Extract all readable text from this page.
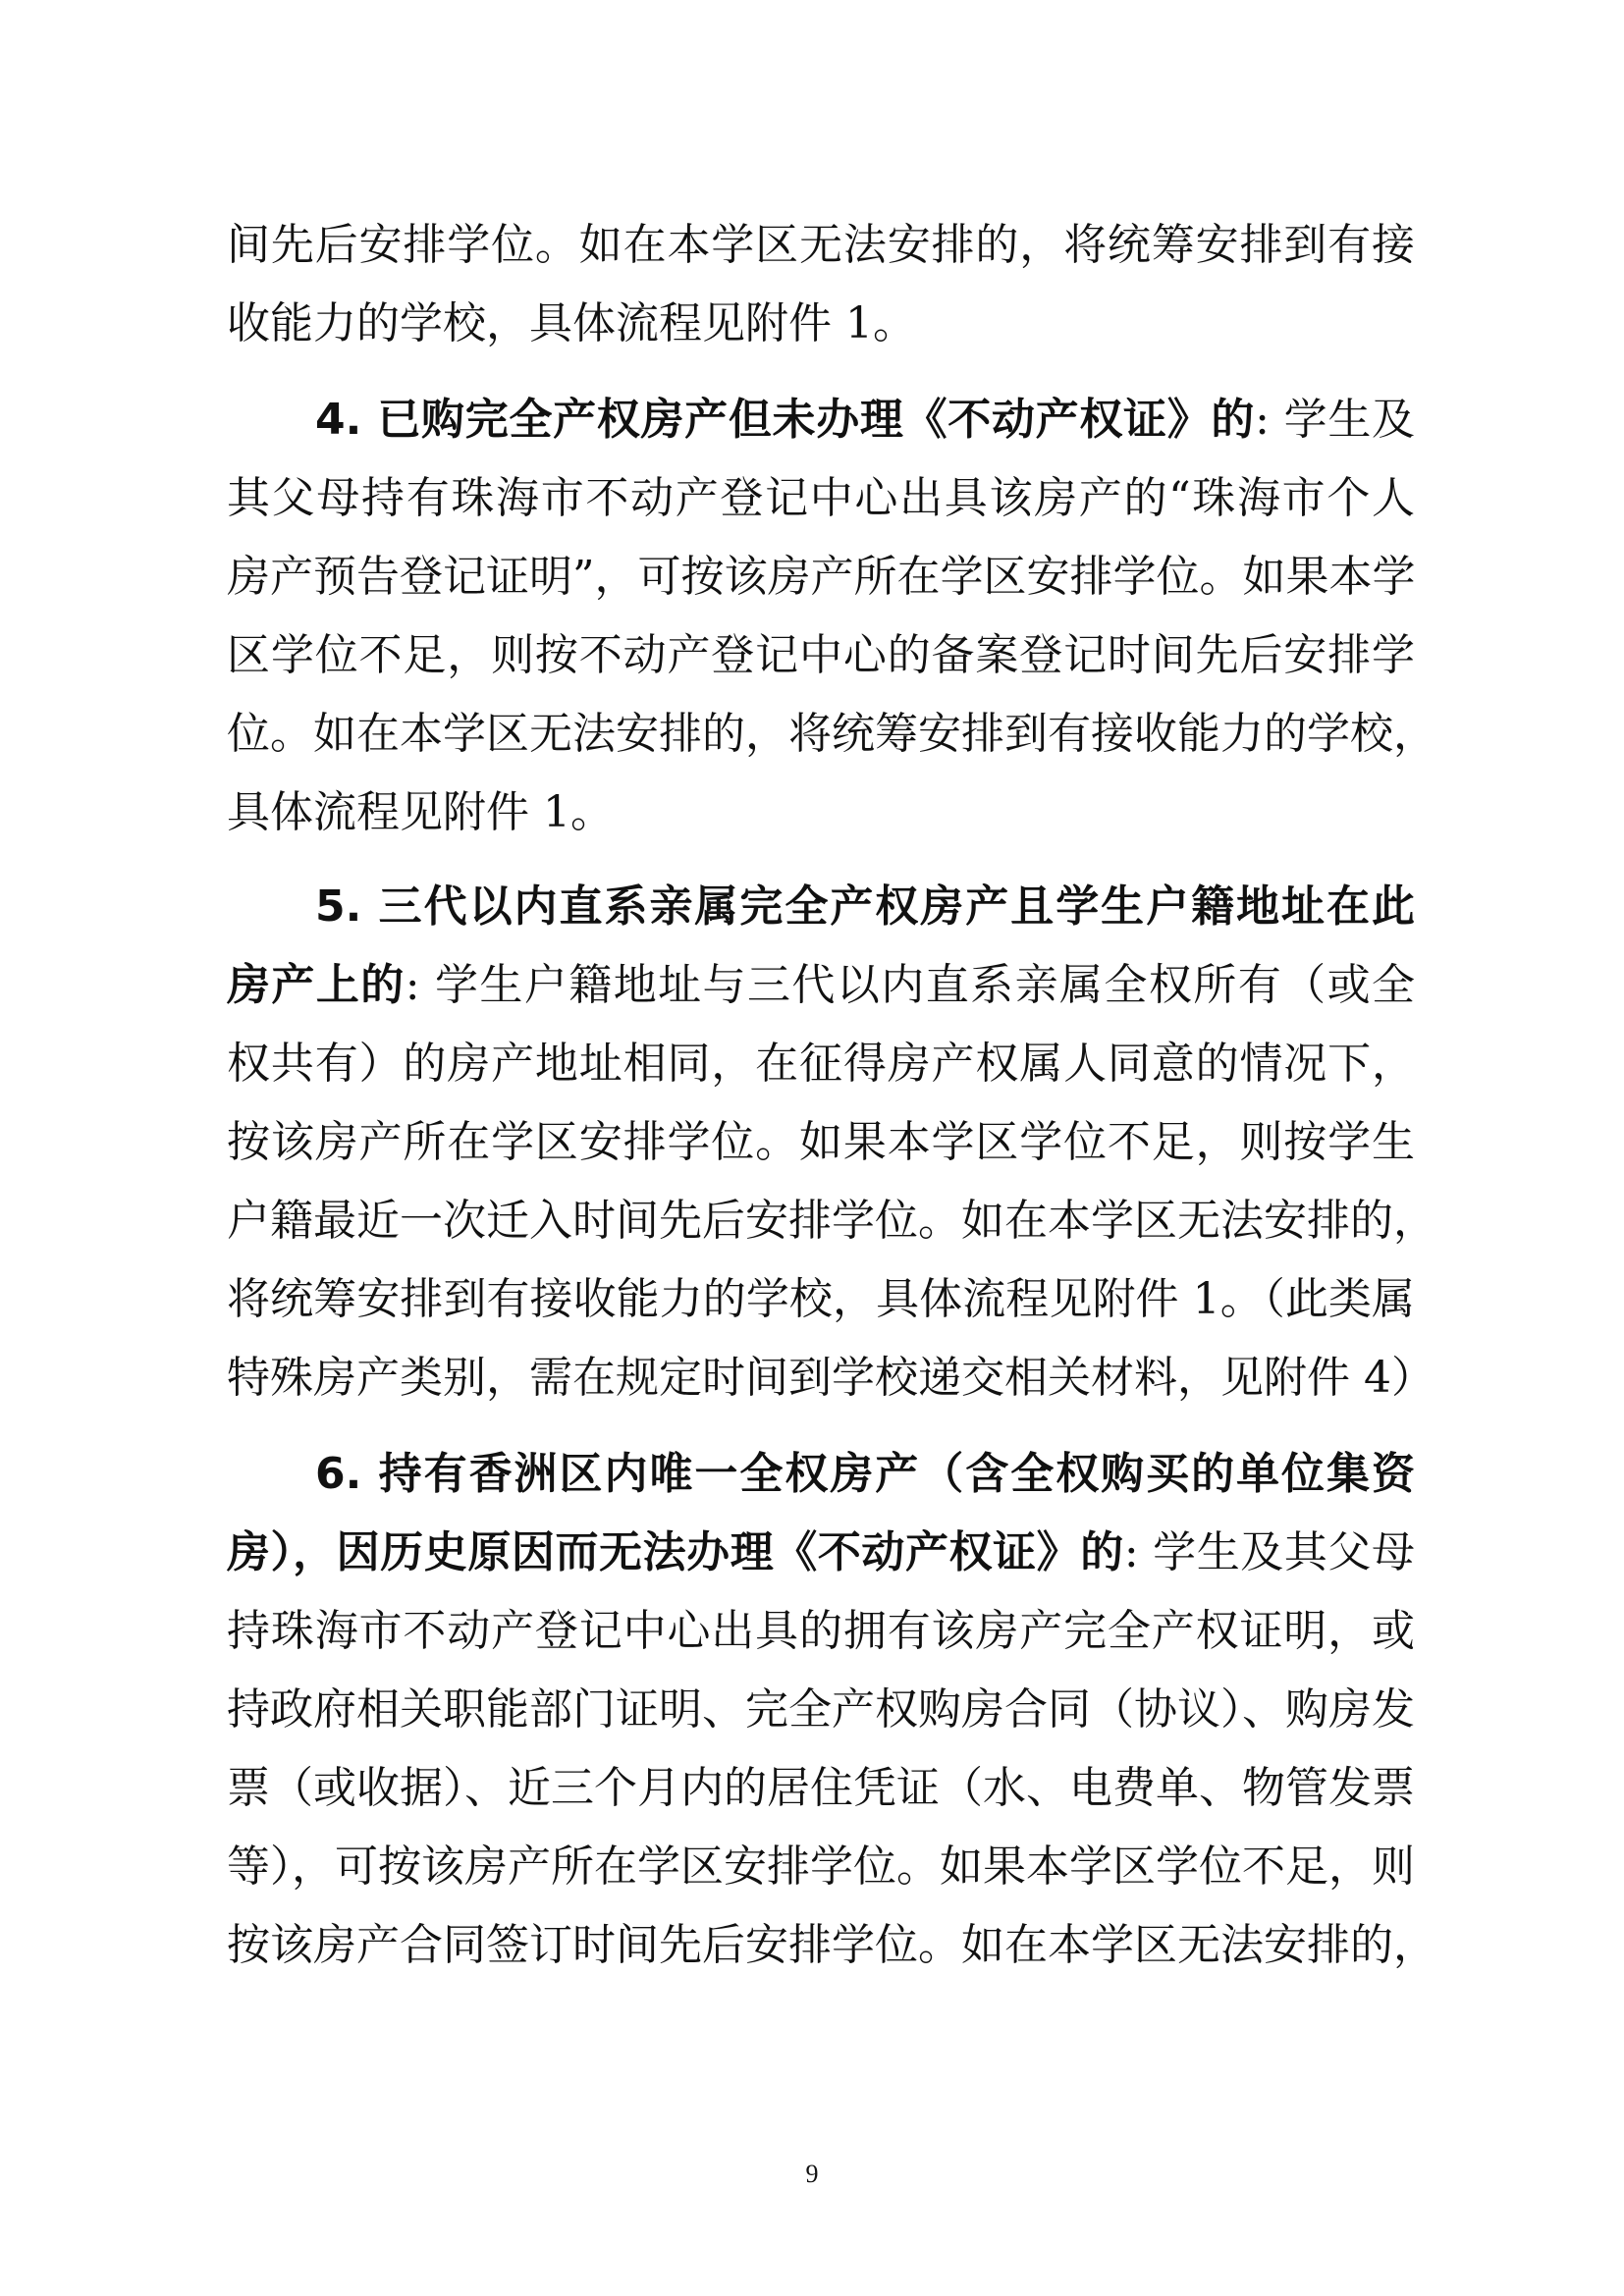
间先后安排学位。如在本学区无法安排的，将统筹安排到有接
收能力的学校，具体流程见附件 1。
4. 已购完全产权房产但未办理《不动产权证》的: 学生及
其父母持有珠海市不动产登记中心出具该房产的“珠海市个人
房产预告登记证明”，可按该房产所在学区安排学位。如果本学
区学位不足，则按不动产登记中心的备案登记时间先后安排学
位。如在本学区无法安排的，将统筹安排到有接收能力的学校，
具体流程见附件 1。
5. 三代以内直系亲属完全产权房产且学生户籍地址在此
房产上的: 学生户籍地址与三代以内直系亲属全权所有（或全
权共有）的房产地址相同，在征得房产权属人同意的情况下，
按该房产所在学区安排学位。如果本学区学位不足，则按学生
户籍最近一次迁入时间先后安排学位。如在本学区无法安排的，
将统筹安排到有接收能力的学校，具体流程见附件 1。（此类属
特殊房产类别，需在规定时间到学校递交相关材料，见附件 4）
6. 持有香洲区内唯一全权房产（含全权购买的单位集资
房），因历史原因而无法办理《不动产权证》的: 学生及其父母
持珠海市不动产登记中心出具的拥有该房产完全产权证明，或
持政府相关职能部门证明、完全产权购房合同（协议）、购房发
票（或收据）、近三个月内的居住凭证（水、电费单、物管发票
等），可按该房产所在学区安排学位。如果本学区学位不足，则
按该房产合同签订时间先后安排学位。如在本学区无法安排的，
9
